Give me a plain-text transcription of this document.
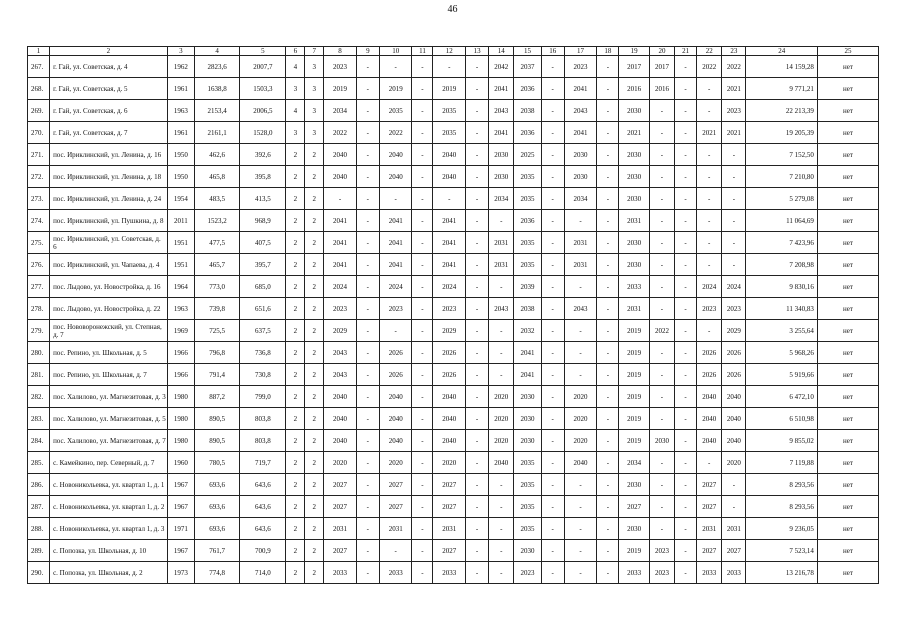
46
1	2	3	4	5	6	7	8	9	10	11	12	13	14	15	16	17	18	19	20	21	22	23	24	25
267.	г. Гай, ул. Советская, д. 4	1962	2823,6	2007,7	4	3	2023	-	-	-	-	-	2042	2037	-	2023	-	2017	2017	-	2022	2022	14 159,28	нет
268.	г. Гай, ул. Советская, д. 5	1961	1638,8	1503,3	3	3	2019	-	2019	-	2019	-	2041	2036	-	2041	-	2016	2016	-	-	2021	9 771,21	нет
269.	г. Гай, ул. Советская, д. 6	1963	2153,4	2006,5	4	3	2034	-	2035	-	2035	-	2043	2038	-	2043	-	2030	-	-	-	2023	22 213,39	нет
270.	г. Гай, ул. Советская, д. 7	1961	2161,1	1528,0	3	3	2022	-	2022	-	2035	-	2041	2036	-	2041	-	2021	-	-	2021	2021	19 205,39	нет
271.	пос. Ириклинский, ул. Ленина, д. 16	1950	462,6	392,6	2	2	2040	-	2040	-	2040	-	2030	2025	-	2030	-	2030	-	-	-	-	7 152,50	нет
272.	пос. Ириклинский, ул. Ленина, д. 18	1950	465,8	395,8	2	2	2040	-	2040	-	2040	-	2030	2035	-	2030	-	2030	-	-	-	-	7 210,80	нет
273.	пос. Ириклинский, ул. Ленина, д. 24	1954	483,5	413,5	2	2	-	-	-	-	-	-	2034	2035	-	2034	-	2030	-	-	-	-	5 279,08	нет
274.	пос. Ириклинский, ул. Пушкина, д. 8	2011	1523,2	968,9	2	2	2041	-	2041	-	2041	-	-	2036	-	-	-	2031	-	-	-	-	11 064,69	нет
275.	пос. Ириклинский, ул. Советская, д. 6	1951	477,5	407,5	2	2	2041	-	2041	-	2041	-	2031	2035	-	2031	-	2030	-	-	-	-	7 423,96	нет
276.	пос. Ириклинский, ул. Чапаева, д. 4	1951	465,7	395,7	2	2	2041	-	2041	-	2041	-	2031	2035	-	2031	-	2030	-	-	-	-	7 208,98	нет
277.	пос. Лыдово, ул. Новостройка, д. 16	1964	773,0	685,0	2	2	2024	-	2024	-	2024	-	-	2039	-	-	-	2033	-	-	2024	2024	9 830,16	нет
278.	пос. Лыдово, ул. Новостройка, д. 22	1963	739,8	651,6	2	2	2023	-	2023	-	2023	-	2043	2038	-	2043	-	2031	-	-	2023	2023	11 340,83	нет
279.	пос. Нововоронежский, ул. Степная, д. 7	1969	725,5	637,5	2	2	2029	-	-	-	2029	-	-	2032	-	-	-	2019	2022	-	-	2029	3 255,64	нет
280.	пос. Репино, ул. Школьная, д. 5	1966	796,8	736,8	2	2	2043	-	2026	-	2026	-	-	2041	-	-	-	2019	-	-	2026	2026	5 968,26	нет
281.	пос. Репино, ул. Школьная, д. 7	1966	791,4	730,8	2	2	2043	-	2026	-	2026	-	-	2041	-	-	-	2019	-	-	2026	2026	5 919,66	нет
282.	пос. Халилово, ул. Магнезитовая, д. 3	1980	887,2	799,0	2	2	2040	-	2040	-	2040	-	2020	2030	-	2020	-	2019	-	-	2040	2040	6 472,10	нет
283.	пос. Халилово, ул. Магнезитовая, д. 5	1980	890,5	803,8	2	2	2040	-	2040	-	2040	-	2020	2030	-	2020	-	2019	-	-	2040	2040	6 510,98	нет
284.	пос. Халилово, ул. Магнезитовая, д. 7	1980	890,5	803,8	2	2	2040	-	2040	-	2040	-	2020	2030	-	2020	-	2019	2030	-	2040	2040	9 855,02	нет
285.	с. Камейкино, пер. Северный, д. 7	1960	780,5	719,7	2	2	2020	-	2020	-	2020	-	2040	2035	-	2040	-	2034	-	-	-	2020	7 119,88	нет
286.	с. Новоникольевка, ул. квартал 1, д. 1	1967	693,6	643,6	2	2	2027	-	2027	-	2027	-	-	2035	-	-	-	2030	-	-	2027	-	8 293,56	нет
287.	с. Новоникольевка, ул. квартал 1, д. 2	1967	693,6	643,6	2	2	2027	-	2027	-	2027	-	-	2035	-	-	-	2027	-	-	2027	-	8 293,56	нет
288.	с. Новоникольевка, ул. квартал 1, д. 3	1971	693,6	643,6	2	2	2031	-	2031	-	2031	-	-	2035	-	-	-	2030	-	-	2031	2031	9 236,05	нет
289.	с. Попозка, ул. Школьная, д. 10	1967	761,7	700,9	2	2	2027	-	-	-	2027	-	-	2030	-	-	-	2019	2023	-	2027	2027	7 523,14	нет
290.	с. Попозка, ул. Школьная, д. 2	1973	774,8	714,0	2	2	2033	-	2033	-	2033	-	-	2023	-	-	-	2033	2023	-	2033	2033	13 216,78	нет
